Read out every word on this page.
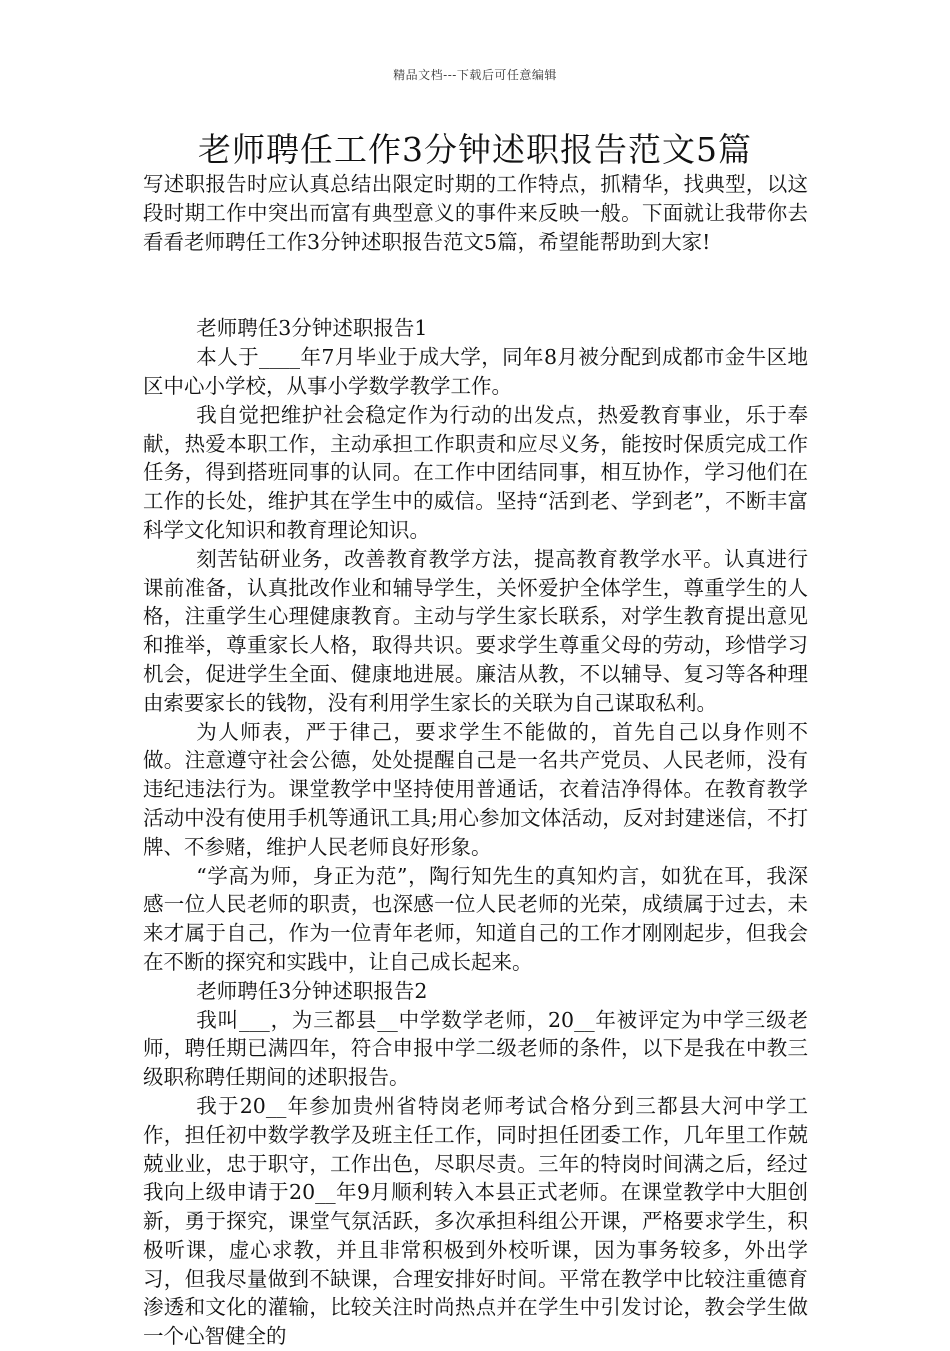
精品文档---下载后可任意编辑
老师聘任工作3分钟述职报告范文5篇

写述职报告时应认真总结出限定时期的工作特点，抓精华，找典型，以这段时期工作中突出而富有典型意义的事件来反映一般。下面就让我带你去看看老师聘任工作3分钟述职报告范文5篇，希望能帮助到大家!

老师聘任3分钟述职报告1

本人于____年7月毕业于成大学，同年8月被分配到成都市金牛区地区中心小学校，从事小学数学教学工作。

我自觉把维护社会稳定作为行动的出发点，热爱教育事业，乐于奉献，热爱本职工作，主动承担工作职责和应尽义务，能按时保质完成工作任务，得到搭班同事的认同。在工作中团结同事，相互协作，学习他们在工作的长处，维护其在学生中的威信。坚持“活到老、学到老”，不断丰富科学文化知识和教育理论知识。

刻苦钻研业务，改善教育教学方法，提高教育教学水平。认真进行课前准备，认真批改作业和辅导学生，关怀爱护全体学生，尊重学生的人格，注重学生心理健康教育。主动与学生家长联系，对学生教育提出意见和推举，尊重家长人格，取得共识。要求学生尊重父母的劳动，珍惜学习机会，促进学生全面、健康地进展。廉洁从教，不以辅导、复习等各种理由索要家长的钱物，没有利用学生家长的关联为自己谋取私利。

为人师表，严于律己，要求学生不能做的，首先自己以身作则不做。注意遵守社会公德，处处提醒自己是一名共产党员、人民老师，没有违纪违法行为。课堂教学中坚持使用普通话，衣着洁净得体。在教育教学活动中没有使用手机等通讯工具;用心参加文体活动，反对封建迷信，不打牌、不参赌，维护人民老师良好形象。

“学高为师，身正为范”，陶行知先生的真知灼言，如犹在耳，我深感一位人民老师的职责，也深感一位人民老师的光荣，成绩属于过去，未来才属于自己，作为一位青年老师，知道自己的工作才刚刚起步，但我会在不断的探究和实践中，让自己成长起来。

老师聘任3分钟述职报告2

我叫___，为三都县__中学数学老师，20__年被评定为中学三级老师，聘任期已满四年，符合申报中学二级老师的条件，以下是我在中教三级职称聘任期间的述职报告。

我于20__年参加贵州省特岗老师考试合格分到三都县大河中学工作，担任初中数学教学及班主任工作，同时担任团委工作，几年里工作兢兢业业，忠于职守，工作出色，尽职尽责。三年的特岗时间满之后，经过我向上级申请于20__年9月顺利转入本县正式老师。在课堂教学中大胆创新，勇于探究，课堂气氛活跃，多次承担科组公开课，严格要求学生，积极听课，虚心求教，并且非常积极到外校听课，因为事务较多，外出学习，但我尽量做到不缺课，合理安排好时间。平常在教学中比较注重德育渗透和文化的灌输，比较关注时尚热点并在学生中引发讨论，教会学生做一个心智健全的
